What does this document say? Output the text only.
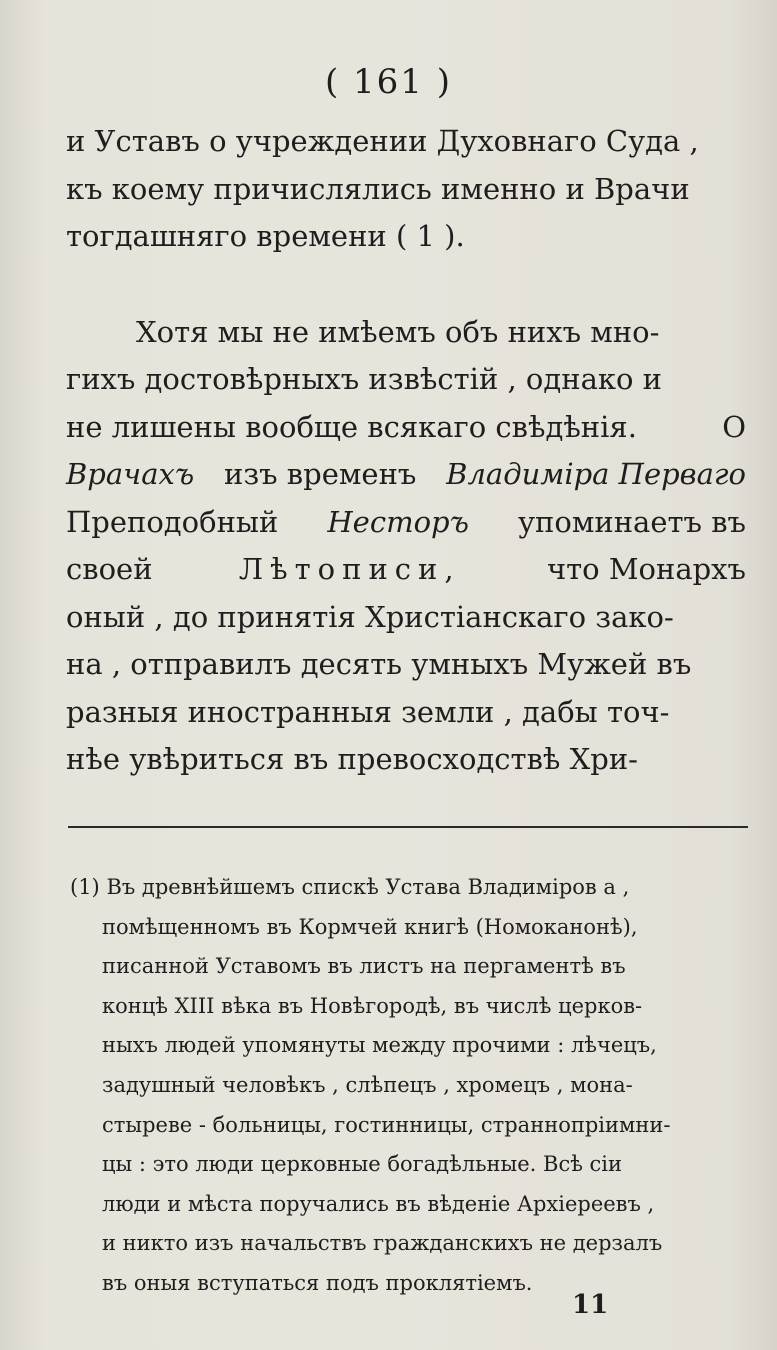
( 161 )
и Уставъ о учреждении Духовнаго Суда ,
къ коему причислялись именно и Врачи
тогдашняго времени ( 1 ).
Хотя мы не имѣемъ объ нихъ мно-
гихъ достовѣрныхъ извѣстій , однако и
не лишены вообще всякаго свѣдѣнія.	О
Врачахъ изъ временъ Владиміра Перваго
Преподобный Несторъ упоминаетъ въ
своей	Лѣтописи,	что Монархъ
оный , до принятія Христіанскаго зако-
на , отправилъ десять умныхъ Мужей въ
разныя иностранныя земли , дабы точ-
нѣе увѣриться въ превосходствѣ Хри-
(1) Въ древнѣйшемъ спискѣ Устава Владиміров а ,
помѣщенномъ въ Кормчей книгѣ (Номоканонѣ),
писанной Уставомъ въ листъ на пергаментѣ въ
концѣ XIII вѣка въ Новѣгородѣ, въ числѣ церков-
ныхъ людей упомянуты между прочими : лѣчецъ,
задушный человѣкъ , слѣпецъ , хромецъ , мона-
стыреве - больницы, гостинницы, страннопріимни-
цы : это люди церковные богадѣльные. Всѣ сіи
люди и мѣста поручались въ вѣденіе Архіереевъ ,
и никто изъ начальствъ гражданскихъ не дерзалъ
въ оныя вступаться подъ проклятіемъ.
11
